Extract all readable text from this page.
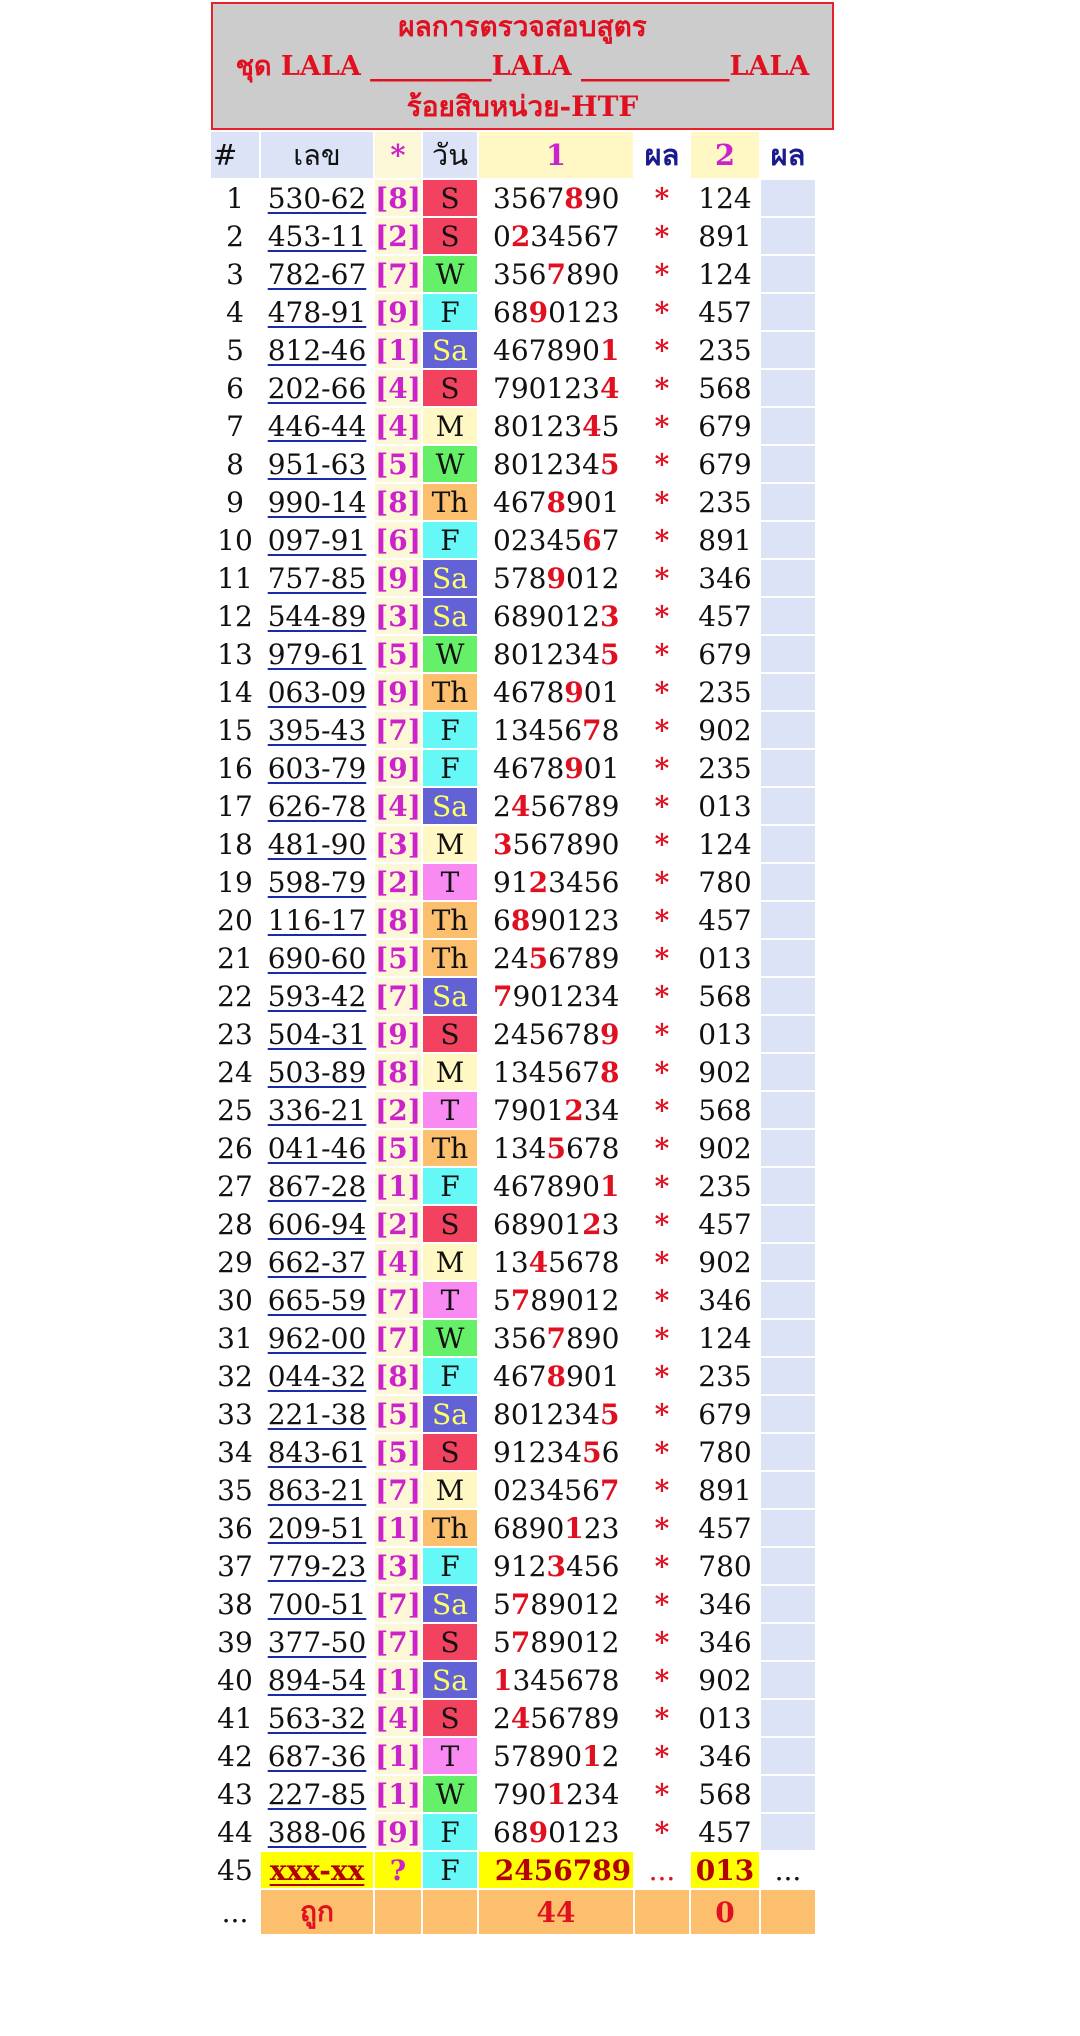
ผลการตรวจสอบสูตร
ชุด LALA _________LALA ___________LALA
ร้อยสิบหน่วย-HTF
#	เลข	*	วัน	1	ผล	2	ผล
1	530-62	[8]	S	3567890	*	124	
2	453-11	[2]	S	0234567	*	891	
3	782-67	[7]	W	3567890	*	124	
4	478-91	[9]	F	6890123	*	457	
5	812-46	[1]	Sa	4678901	*	235	
6	202-66	[4]	S	7901234	*	568	
7	446-44	[4]	M	8012345	*	679	
8	951-63	[5]	W	8012345	*	679	
9	990-14	[8]	Th	4678901	*	235	
10	097-91	[6]	F	0234567	*	891	
11	757-85	[9]	Sa	5789012	*	346	
12	544-89	[3]	Sa	6890123	*	457	
13	979-61	[5]	W	8012345	*	679	
14	063-09	[9]	Th	4678901	*	235	
15	395-43	[7]	F	1345678	*	902	
16	603-79	[9]	F	4678901	*	235	
17	626-78	[4]	Sa	2456789	*	013	
18	481-90	[3]	M	3567890	*	124	
19	598-79	[2]	T	9123456	*	780	
20	116-17	[8]	Th	6890123	*	457	
21	690-60	[5]	Th	2456789	*	013	
22	593-42	[7]	Sa	7901234	*	568	
23	504-31	[9]	S	2456789	*	013	
24	503-89	[8]	M	1345678	*	902	
25	336-21	[2]	T	7901234	*	568	
26	041-46	[5]	Th	1345678	*	902	
27	867-28	[1]	F	4678901	*	235	
28	606-94	[2]	S	6890123	*	457	
29	662-37	[4]	M	1345678	*	902	
30	665-59	[7]	T	5789012	*	346	
31	962-00	[7]	W	3567890	*	124	
32	044-32	[8]	F	4678901	*	235	
33	221-38	[5]	Sa	8012345	*	679	
34	843-61	[5]	S	9123456	*	780	
35	863-21	[7]	M	0234567	*	891	
36	209-51	[1]	Th	6890123	*	457	
37	779-23	[3]	F	9123456	*	780	
38	700-51	[7]	Sa	5789012	*	346	
39	377-50	[7]	S	5789012	*	346	
40	894-54	[1]	Sa	1345678	*	902	
41	563-32	[4]	S	2456789	*	013	
42	687-36	[1]	T	5789012	*	346	
43	227-85	[1]	W	7901234	*	568	
44	388-06	[9]	F	6890123	*	457	
45	xxx-xx	?	F	2456789	...	013	...
...	ถูก			44		0	
